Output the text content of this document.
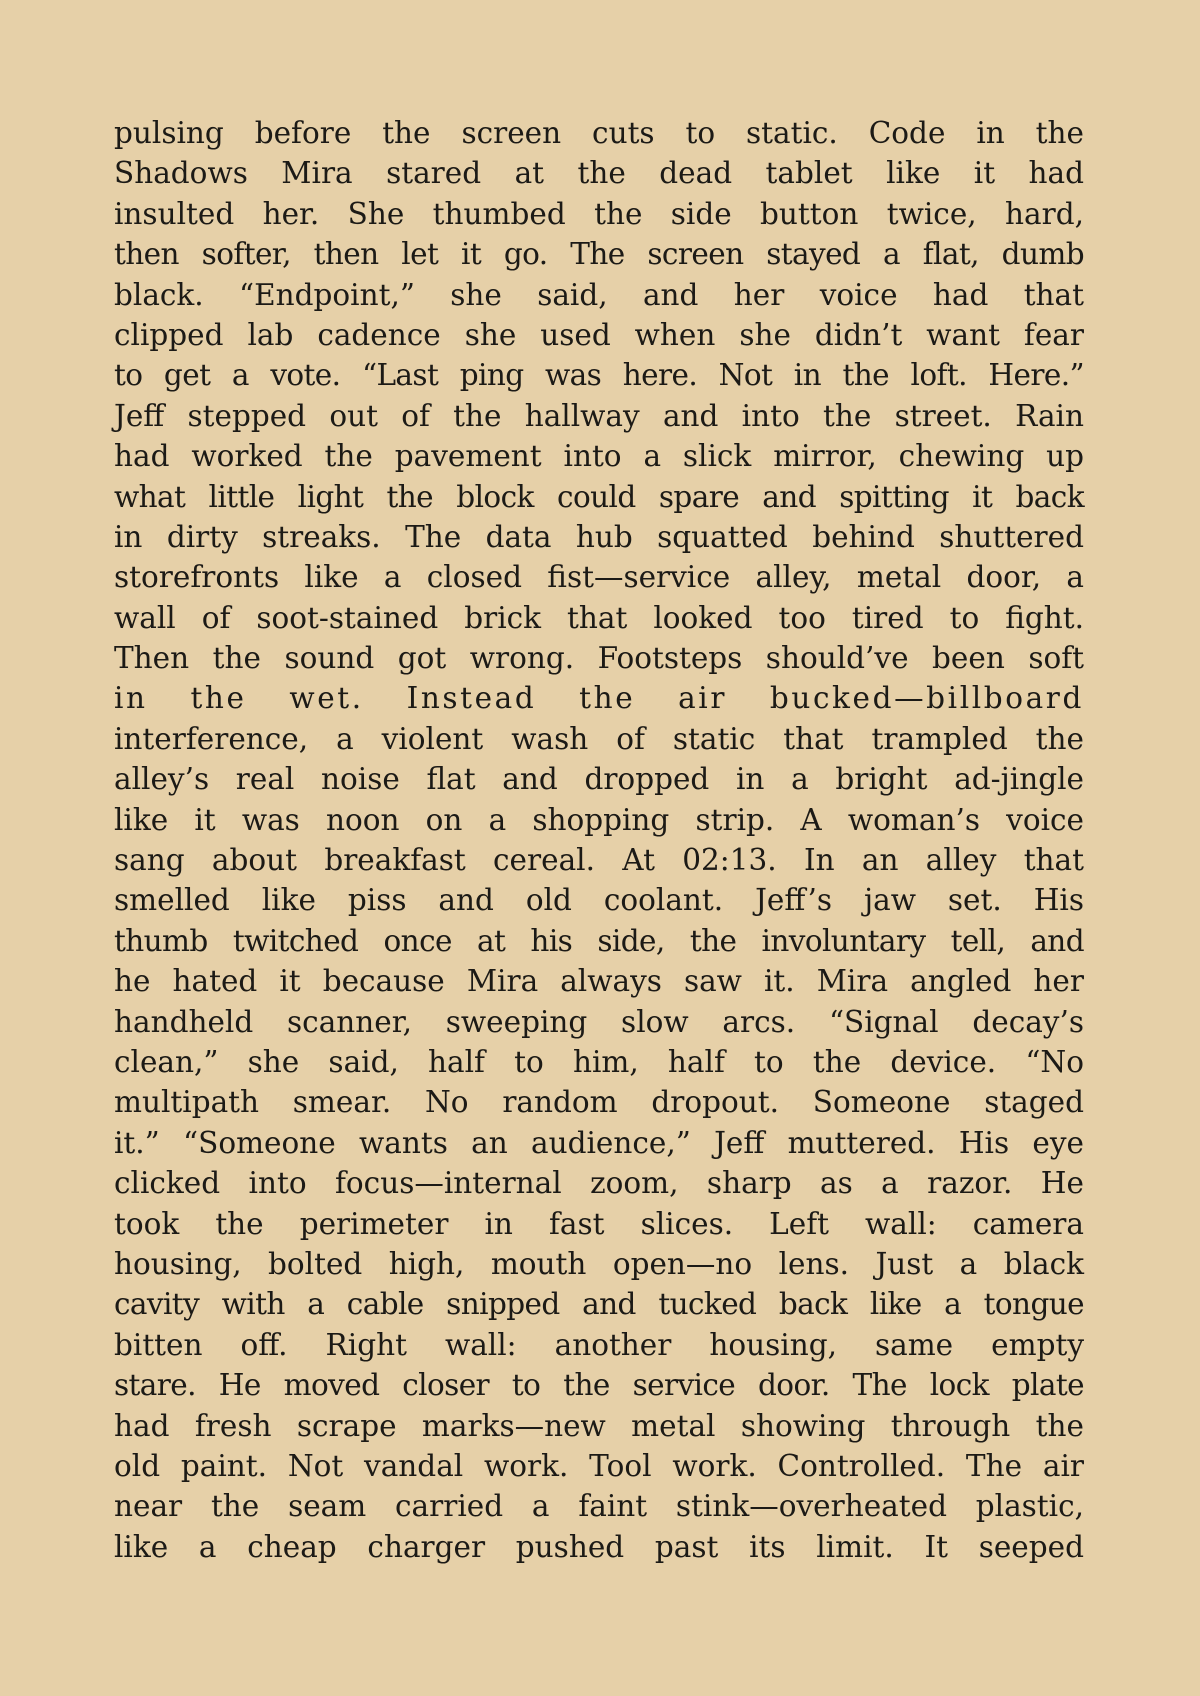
pulsing before the screen cuts to static. Code in the
Shadows Mira stared at the dead tablet like it had
insulted her. She thumbed the side button twice, hard,
then softer, then let it go. The screen stayed a flat, dumb
black. “Endpoint,” she said, and her voice had that
clipped lab cadence she used when she didn’t want fear
to get a vote. “Last ping was here. Not in the loft. Here.”
Jeff stepped out of the hallway and into the street. Rain
had worked the pavement into a slick mirror, chewing up
what little light the block could spare and spitting it back
in dirty streaks. The data hub squatted behind shuttered
storefronts like a closed fist—service alley, metal door, a
wall of soot-stained brick that looked too tired to fight.
Then the sound got wrong. Footsteps should’ve been soft
in the wet. Instead the air bucked—billboard
interference, a violent wash of static that trampled the
alley’s real noise flat and dropped in a bright ad-jingle
like it was noon on a shopping strip. A woman’s voice
sang about breakfast cereal. At 02:13. In an alley that
smelled like piss and old coolant. Jeff’s jaw set. His
thumb twitched once at his side, the involuntary tell, and
he hated it because Mira always saw it. Mira angled her
handheld scanner, sweeping slow arcs. “Signal decay’s
clean,” she said, half to him, half to the device. “No
multipath smear. No random dropout. Someone staged
it.” “Someone wants an audience,” Jeff muttered. His eye
clicked into focus—internal zoom, sharp as a razor. He
took the perimeter in fast slices. Left wall: camera
housing, bolted high, mouth open—no lens. Just a black
cavity with a cable snipped and tucked back like a tongue
bitten off. Right wall: another housing, same empty
stare. He moved closer to the service door. The lock plate
had fresh scrape marks—new metal showing through the
old paint. Not vandal work. Tool work. Controlled. The air
near the seam carried a faint stink—overheated plastic,
like a cheap charger pushed past its limit. It seeped
